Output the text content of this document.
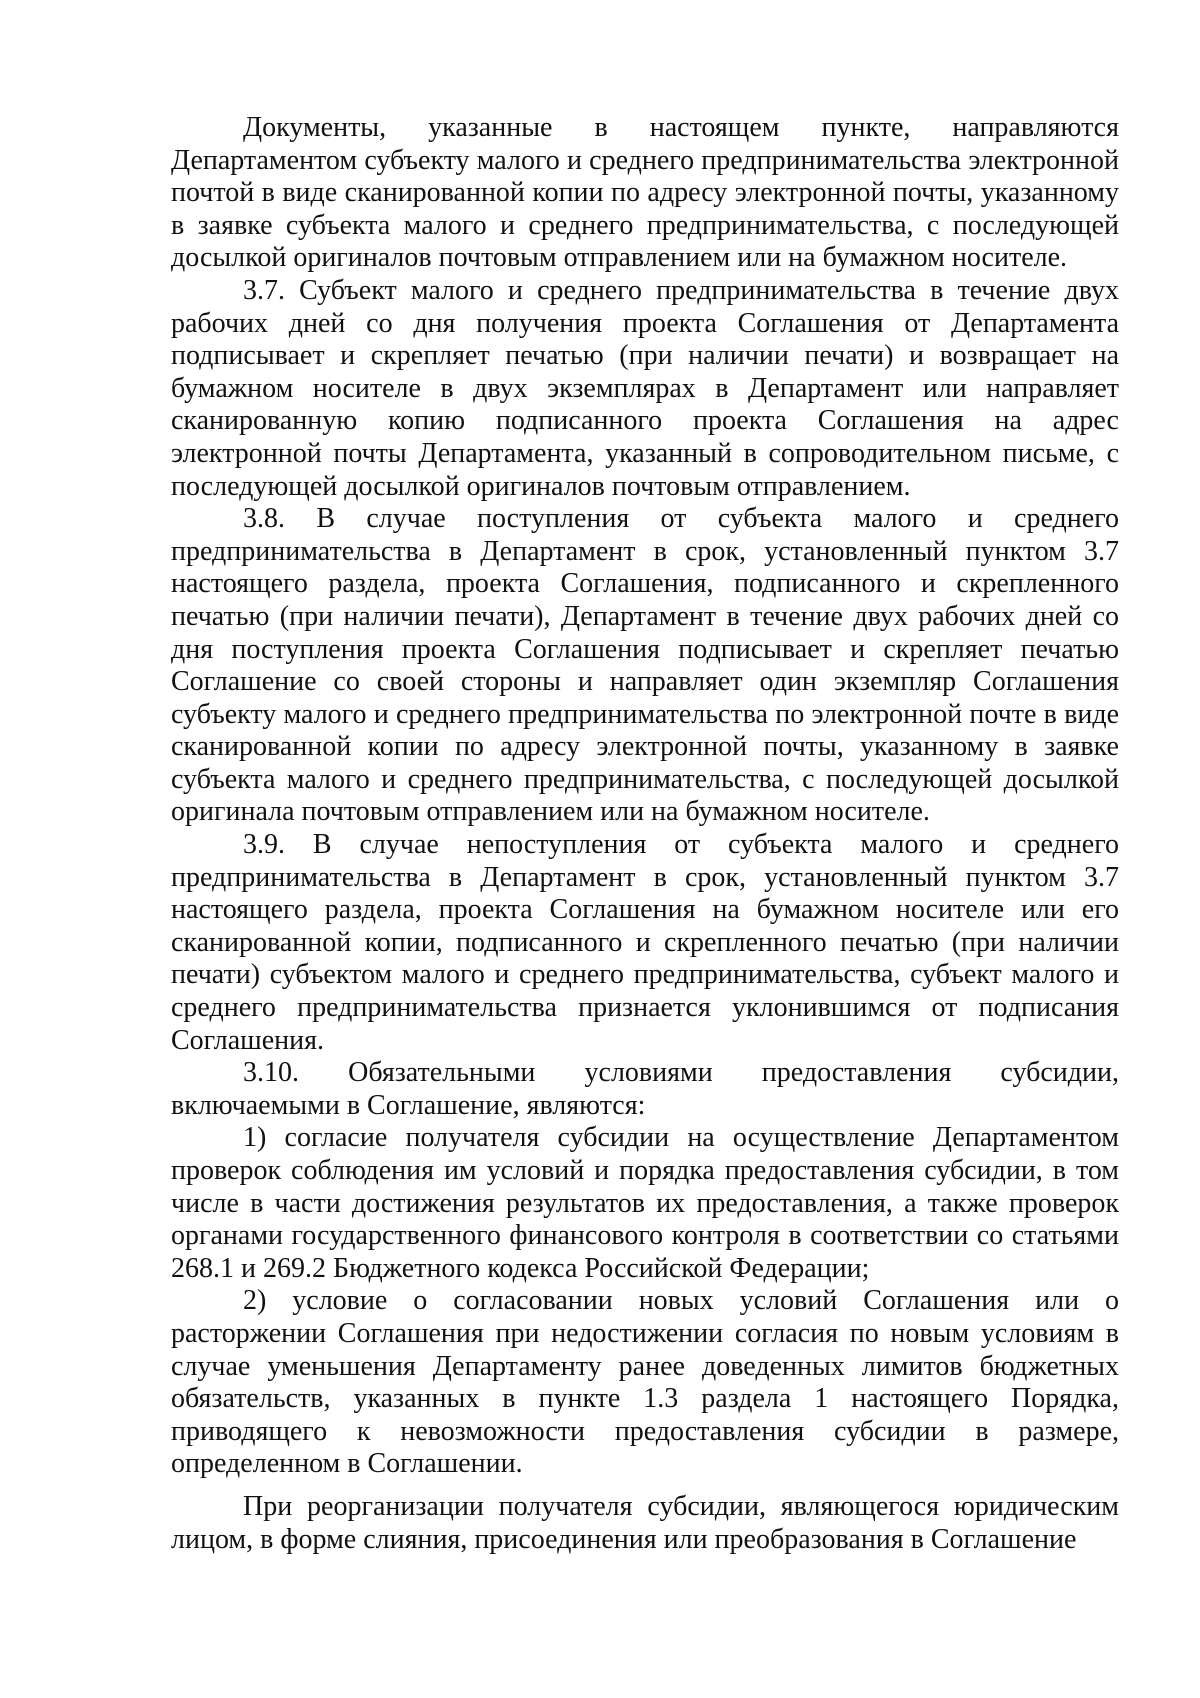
Документы, указанные в настоящем пункте, направляются Департаментом субъекту малого и среднего предпринимательства электронной почтой в виде сканированной копии по адресу электронной почты, указанному в заявке субъекта малого и среднего предпринимательства, с последующей досылкой оригиналов почтовым отправлением или на бумажном носителе.

3.7. Субъект малого и среднего предпринимательства в течение двух рабочих дней со дня получения проекта Соглашения от Департамента подписывает и скрепляет печатью (при наличии печати) и возвращает на бумажном носителе в двух экземплярах в Департамент или направляет сканированную копию подписанного проекта Соглашения на адрес электронной почты Департамента, указанный в сопроводительном письме, с последующей досылкой оригиналов почтовым отправлением.

3.8. В случае поступления от субъекта малого и среднего предпринимательства в Департамент в срок, установленный пунктом 3.7 настоящего раздела, проекта Соглашения, подписанного и скрепленного печатью (при наличии печати), Департамент в течение двух рабочих дней со дня поступления проекта Соглашения подписывает и скрепляет печатью Соглашение со своей стороны и направляет один экземпляр Соглашения субъекту малого и среднего предпринимательства по электронной почте в виде сканированной копии по адресу электронной почты, указанному в заявке субъекта малого и среднего предпринимательства, с последующей досылкой оригинала почтовым отправлением или на бумажном носителе.

3.9. В случае непоступления от субъекта малого и среднего предпринимательства в Департамент в срок, установленный пунктом 3.7 настоящего раздела, проекта Соглашения на бумажном носителе или его сканированной копии, подписанного и скрепленного печатью (при наличии печати) субъектом малого и среднего предпринимательства, субъект малого и среднего предпринимательства признается уклонившимся от подписания Соглашения.

3.10. Обязательными условиями предоставления субсидии, включаемыми в Соглашение, являются:

1) согласие получателя субсидии на осуществление Департаментом проверок соблюдения им условий и порядка предоставления субсидии, в том числе в части достижения результатов их предоставления, а также проверок органами государственного финансового контроля в соответствии со статьями 268.1 и 269.2 Бюджетного кодекса Российской Федерации;

2) условие о согласовании новых условий Соглашения или о расторжении Соглашения при недостижении согласия по новым условиям в случае уменьшения Департаменту ранее доведенных лимитов бюджетных обязательств, указанных в пункте 1.3 раздела 1 настоящего Порядка, приводящего к невозможности предоставления субсидии в размере, определенном в Соглашении.

При реорганизации получателя субсидии, являющегося юридическим лицом, в форме слияния, присоединения или преобразования в Соглашение
